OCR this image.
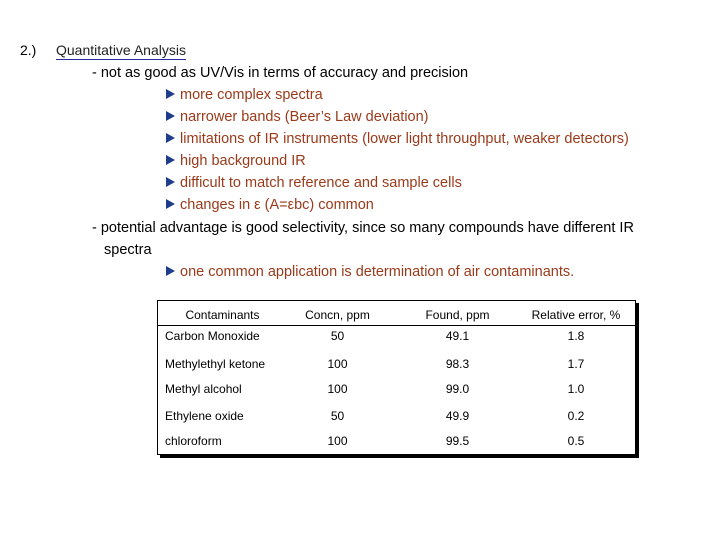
2.) Quantitative Analysis
- not as good as UV/Vis in terms of accuracy and precision
more complex spectra
narrower bands (Beer’s Law deviation)
limitations of IR instruments (lower light throughput, weaker detectors)
high background IR
difficult to match reference and sample cells
changes in ε (A=εbc) common
- potential advantage is good selectivity, since so many compounds have different IR
spectra
one common application is determination of air contaminants.
Contaminants	Concn, ppm	Found, ppm	Relative error, %
Carbon Monoxide	50	49.1	1.8
Methylethyl ketone	100	98.3	1.7
Methyl alcohol	100	99.0	1.0
Ethylene oxide	50	49.9	0.2
chloroform	100	99.5	0.5
